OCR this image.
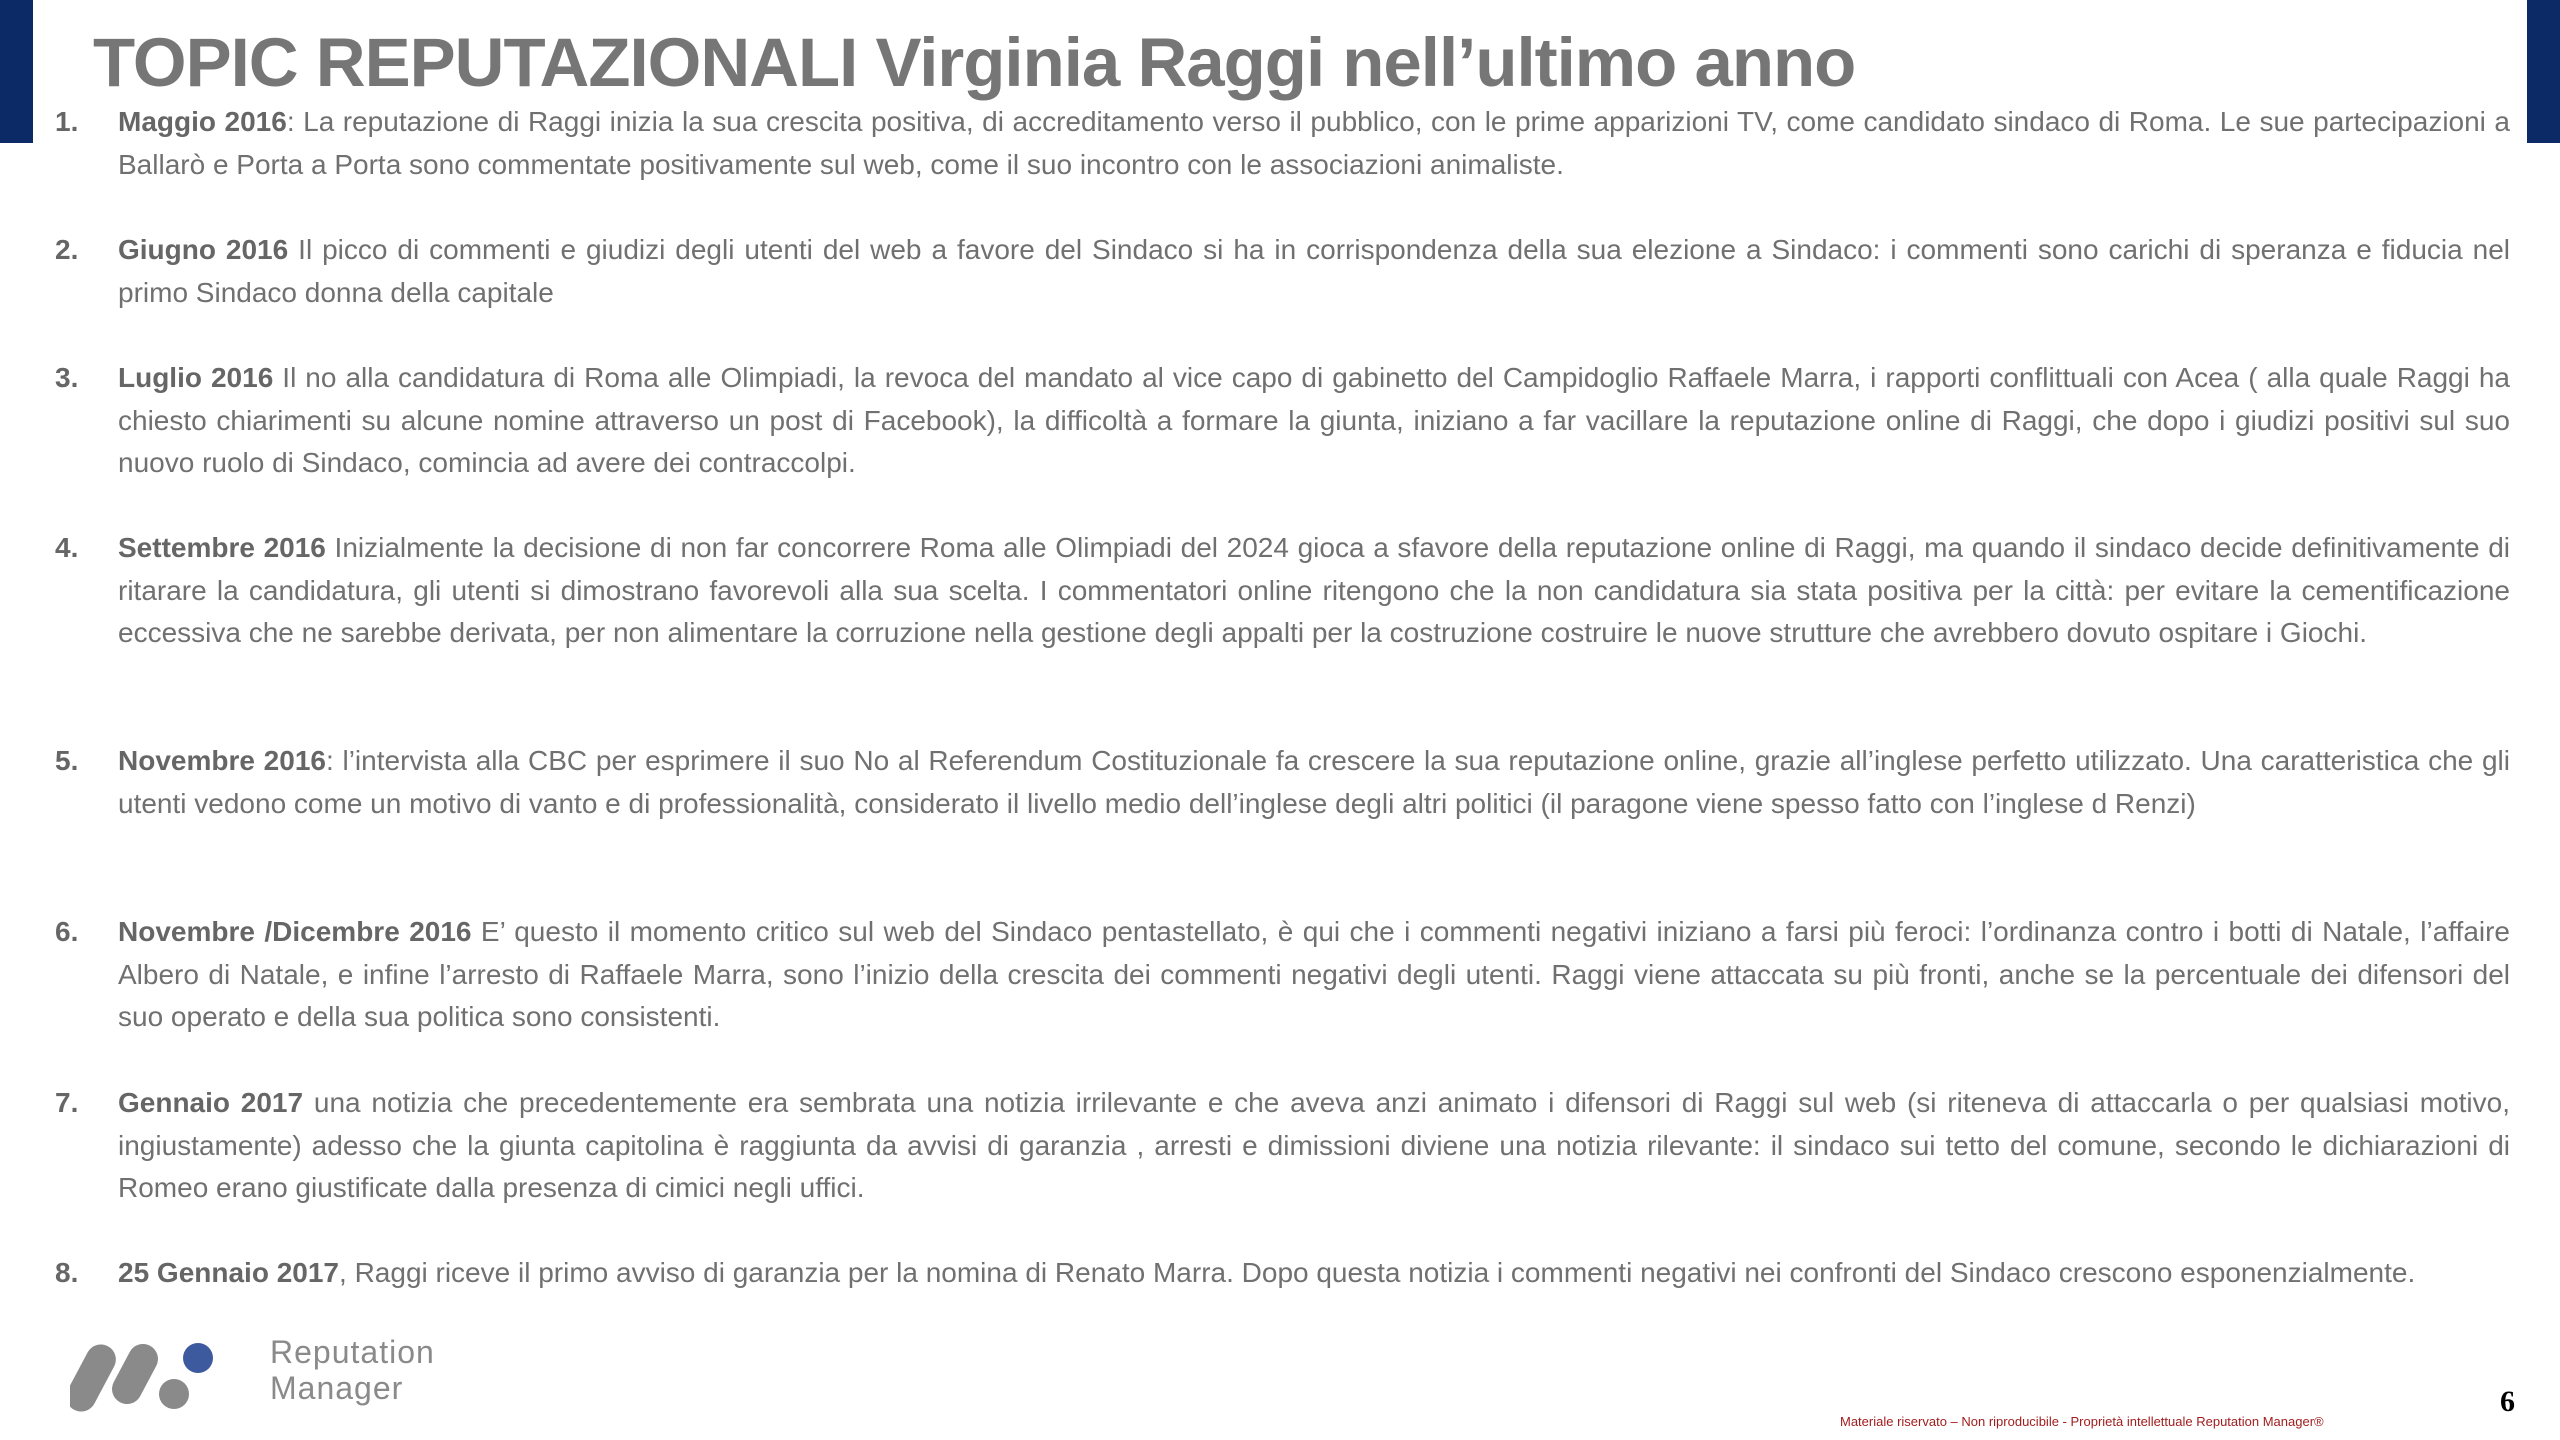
TOPIC REPUTAZIONALI Virginia Raggi nell’ultimo anno
1. Maggio 2016: La reputazione di Raggi inizia la sua crescita positiva, di accreditamento verso il pubblico, con le prime apparizioni TV, come candidato sindaco di Roma. Le sue partecipazioni a Ballarò e Porta a Porta sono commentate positivamente sul web, come il suo incontro con le associazioni animaliste.
2. Giugno 2016 Il picco di commenti e giudizi degli utenti del web a favore del Sindaco si ha in corrispondenza della sua elezione a Sindaco: i commenti sono carichi di speranza e fiducia nel primo Sindaco donna della capitale
3. Luglio 2016 Il no alla candidatura di Roma alle Olimpiadi, la revoca del mandato al vice capo di gabinetto del Campidoglio Raffaele Marra, i rapporti conflittuali con Acea ( alla quale Raggi ha chiesto chiarimenti su alcune nomine attraverso un post di Facebook), la difficoltà a formare la giunta, iniziano a far vacillare la reputazione online di Raggi, che dopo i giudizi positivi sul suo nuovo ruolo di Sindaco, comincia ad avere dei contraccolpi.
4. Settembre 2016 Inizialmente la decisione di non far concorrere Roma alle Olimpiadi del 2024 gioca a sfavore della reputazione online di Raggi, ma quando il sindaco decide definitivamente di ritarare la candidatura, gli utenti si dimostrano favorevoli alla sua scelta. I commentatori online ritengono che la non candidatura sia stata positiva per la città: per evitare la cementificazione eccessiva che ne sarebbe derivata, per non alimentare la corruzione nella gestione degli appalti per la costruzione costruire le nuove strutture che avrebbero dovuto ospitare i Giochi.
5. Novembre 2016: l’intervista alla CBC per esprimere il suo No al Referendum Costituzionale fa crescere la sua reputazione online, grazie all’inglese perfetto utilizzato. Una caratteristica che gli utenti vedono come un motivo di vanto e di professionalità, considerato il livello medio dell’inglese degli altri politici (il paragone viene spesso fatto con l’inglese d Renzi)
6. Novembre /Dicembre 2016 E’ questo il momento critico sul web del Sindaco pentastellato, è qui che i commenti negativi iniziano a farsi più feroci: l’ordinanza contro i botti di Natale, l’affaire Albero di Natale, e infine l’arresto di Raffaele Marra, sono l’inizio della crescita dei commenti negativi degli utenti. Raggi viene attaccata su più fronti, anche se la percentuale dei difensori del suo operato e della sua politica sono consistenti.
7. Gennaio 2017 una notizia che precedentemente era sembrata una notizia irrilevante e che aveva anzi animato i difensori di Raggi sul web (si riteneva di attaccarla o per qualsiasi motivo, ingiustamente) adesso che la giunta capitolina è raggiunta da avvisi di garanzia , arresti e dimissioni diviene una notizia rilevante: il sindaco sui tetto del comune, secondo le dichiarazioni di Romeo erano giustificate dalla presenza di cimici negli uffici.
8. 25 Gennaio 2017, Raggi riceve il primo avviso di garanzia per la nomina di Renato Marra. Dopo questa notizia i commenti negativi nei confronti del Sindaco crescono esponenzialmente.
Reputation
Manager
Materiale riservato – Non riproducibile - Proprietà intellettuale Reputation Manager®
6
